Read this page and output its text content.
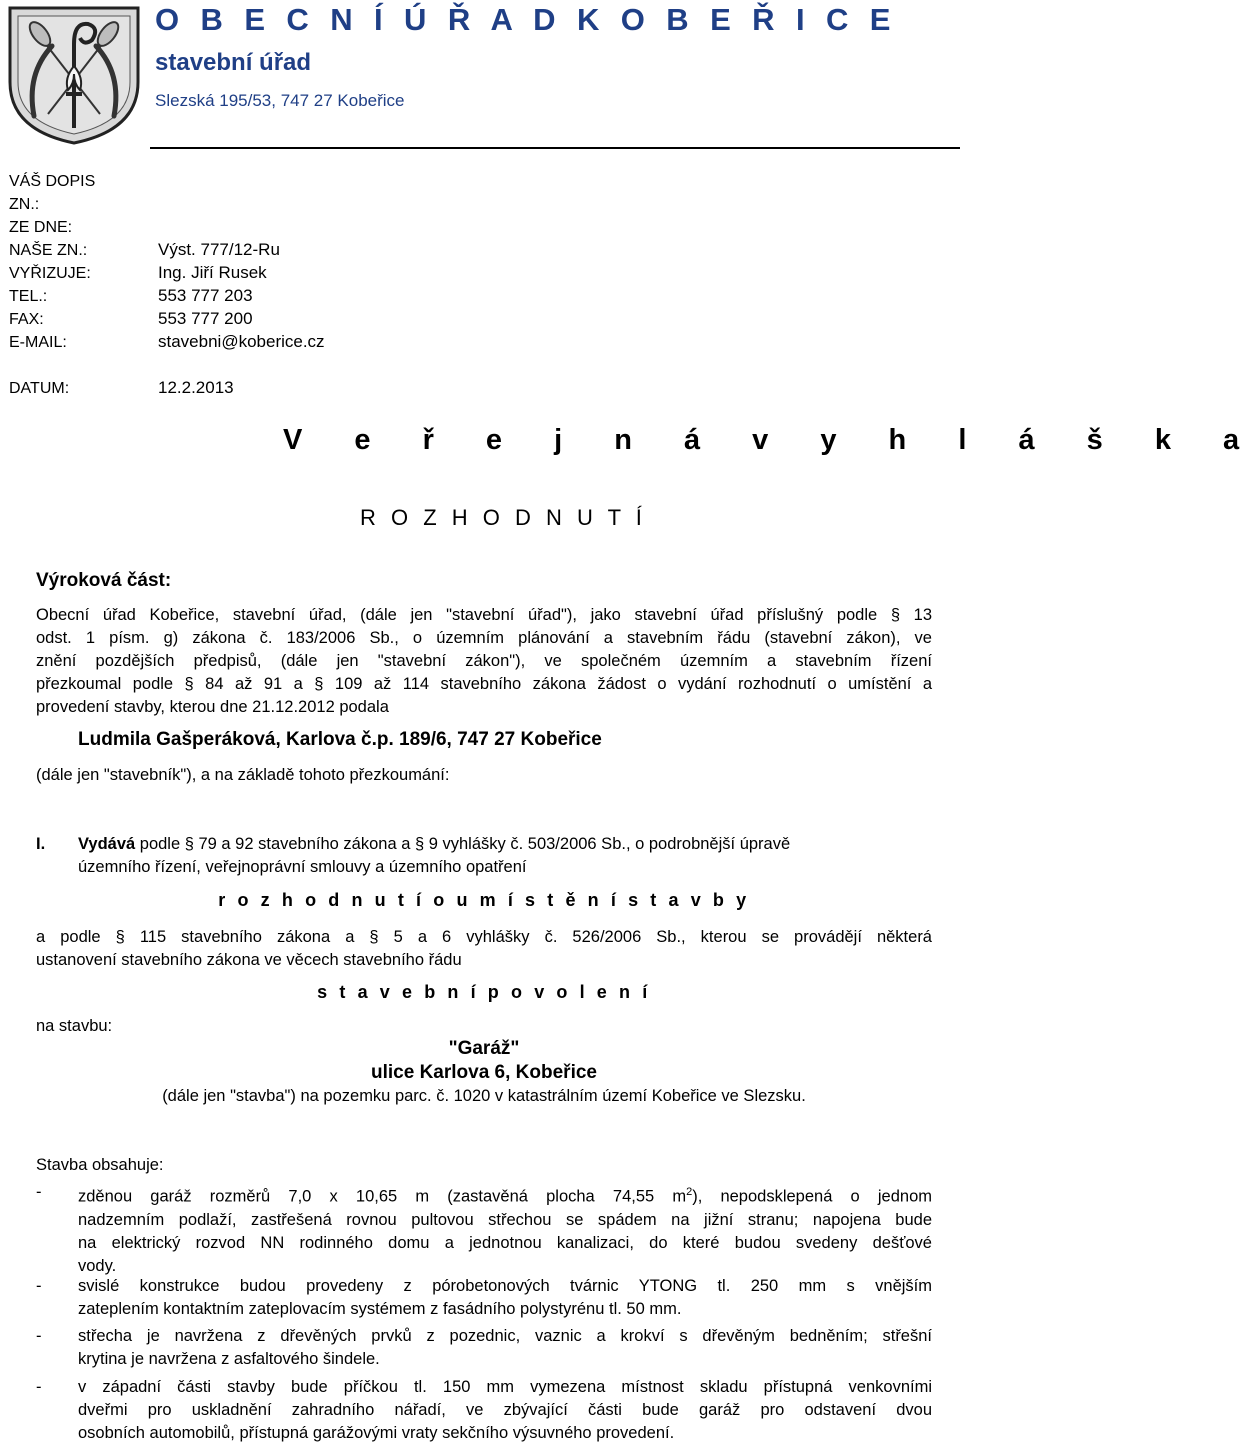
O B E C N Í Ú Ř A D K O B E Ř I C E
stavební úřad
Slezská 195/53, 747 27 Kobeřice
VÁŠ DOPIS
ZN.:
ZE DNE:
NAŠE ZN.:	Výst. 777/12-Ru
VYŘIZUJE:	Ing. Jiří Rusek
TEL.:	553 777 203
FAX:	553 777 200
E-MAIL:	stavebni@koberice.cz
DATUM:	12.2.2013
V e ř e j n á v y h l á š k a
R O Z H O D N U T Í
Výroková část:
Obecní úřad Kobeřice, stavební úřad, (dále jen "stavební úřad"), jako stavební úřad příslušný podle § 13
odst. 1 písm. g) zákona č. 183/2006 Sb., o územním plánování a stavebním řádu (stavební zákon), ve
znění pozdějších předpisů, (dále jen "stavební zákon"), ve společném územním a stavebním řízení
přezkoumal podle § 84 až 91 a § 109 až 114 stavebního zákona žádost o vydání rozhodnutí o umístění a
provedení stavby, kterou dne 21.12.2012 podala
Ludmila Gašperáková, Karlova č.p. 189/6, 747 27 Kobeřice
(dále jen "stavebník"), a na základě tohoto přezkoumání:
I. Vydává podle § 79 a 92 stavebního zákona a § 9 vyhlášky č. 503/2006 Sb., o podrobnější úpravě
územního řízení, veřejnoprávní smlouvy a územního opatření
r o z h o d n u t í o u m í s t ě n í s t a v b y
a podle § 115 stavebního zákona a § 5 a 6 vyhlášky č. 526/2006 Sb., kterou se provádějí některá
ustanovení stavebního zákona ve věcech stavebního řádu
s t a v e b n í p o v o l e n í
na stavbu:
"Garáž"
ulice Karlova 6, Kobeřice
(dále jen "stavba") na pozemku parc. č. 1020 v katastrálním území Kobeřice ve Slezsku.
Stavba obsahuje:
- zděnou garáž rozměrů 7,0 x 10,65 m (zastavěná plocha 74,55 $m^2$), nepodsklepená o jednom
nadzemním podlaží, zastřešená rovnou pultovou střechou se spádem na jižní stranu; napojena bude
na elektrický rozvod NN rodinného domu a jednotnou kanalizaci, do které budou svedeny dešťové
vody.
- svislé konstrukce budou provedeny z pórobetonových tvárnic YTONG tl. 250 mm s vnějším
zateplením kontaktním zateplovacím systémem z fasádního polystyrénu tl. 50 mm.
- střecha je navržena z dřevěných prvků z pozednic, vaznic a krokví s dřevěným bedněním; střešní
krytina je navržena z asfaltového šindele.
- v západní části stavby bude příčkou tl. 150 mm vymezena místnost skladu přístupná venkovními
dveřmi pro uskladnění zahradního nářadí, ve zbývající části bude garáž pro odstavení dvou
osobních automobilů, přístupná garážovými vraty sekčního výsuvného provedení.
